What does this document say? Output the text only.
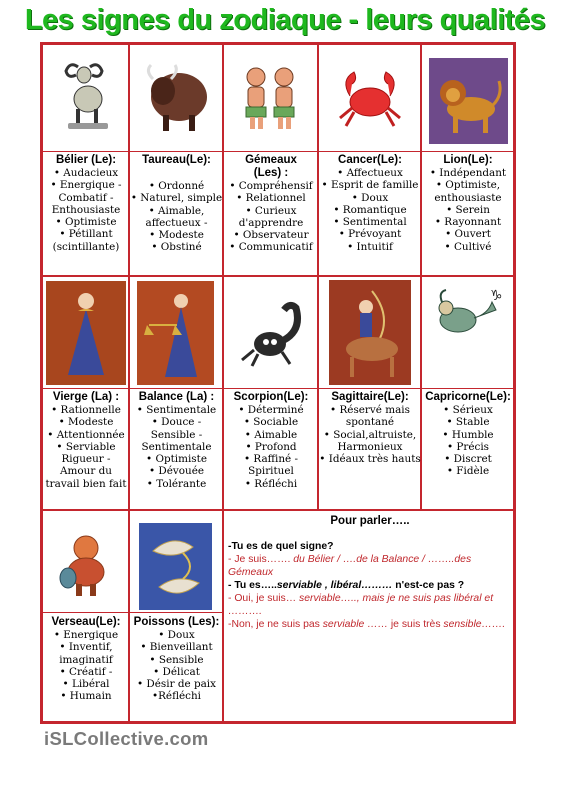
Les signes du zodiaque - leurs qualités
♑
Bélier (Le):
• Audacieux
• Energique -
Combatif -
Enthousiaste
• Optimiste
• Pétillant
(scintillante)
Taureau(Le):
• Ordonné
• Naturel, simple
• Aimable,
affectueux -
• Modeste
• Obstiné
Gémeaux (Les) :
• Compréhensif
• Relationnel
• Curieux
d'apprendre
• Observateur
• Communicatif
Cancer(Le):
• Affectueux
• Esprit de famille
• Doux
• Romantique
• Sentimental
• Prévoyant
• Intuitif
Lion(Le):
• Indépendant
• Optimiste,
enthousiaste
• Serein
• Rayonnant
• Ouvert
• Cultivé
Vierge (La) :
• Rationnelle
• Modeste
• Attentionnée
• Serviable
Rigueur -
Amour du
travail bien fait
Balance (La) :
• Sentimentale
• Douce -
Sensible -
Sentimentale
• Optimiste
• Dévouée
• Tolérante
Scorpion(Le):
• Déterminé
• Sociable
• Aimable
• Profond
• Raffiné -
Spirituel
• Réfléchi
Sagittaire(Le):
• Réservé mais
spontané
• Social,altruiste,
Harmonieux
• Idéaux très hauts
Capricorne(Le):
• Sérieux
• Stable
• Humble
• Précis
• Discret
• Fidèle
Verseau(Le):
• Energique
• Inventif,
imaginatif
• Créatif -
• Libéral
• Humain
Poissons (Les):
• Doux
• Bienveillant
• Sensible
• Délicat
• Désir de paix
•Réfléchi
Pour parler…..

-Tu es de quel signe?

- Je suis……. du Bélier / ….de la Balance / ……..des Gémeaux

- Tu es…..serviable , libéral……… n'est-ce pas ?

- Oui, je suis… serviable….., mais je ne suis pas libéral et ……….

-Non, je ne suis pas serviable …… je suis très sensible…….

iSLCollective.com
